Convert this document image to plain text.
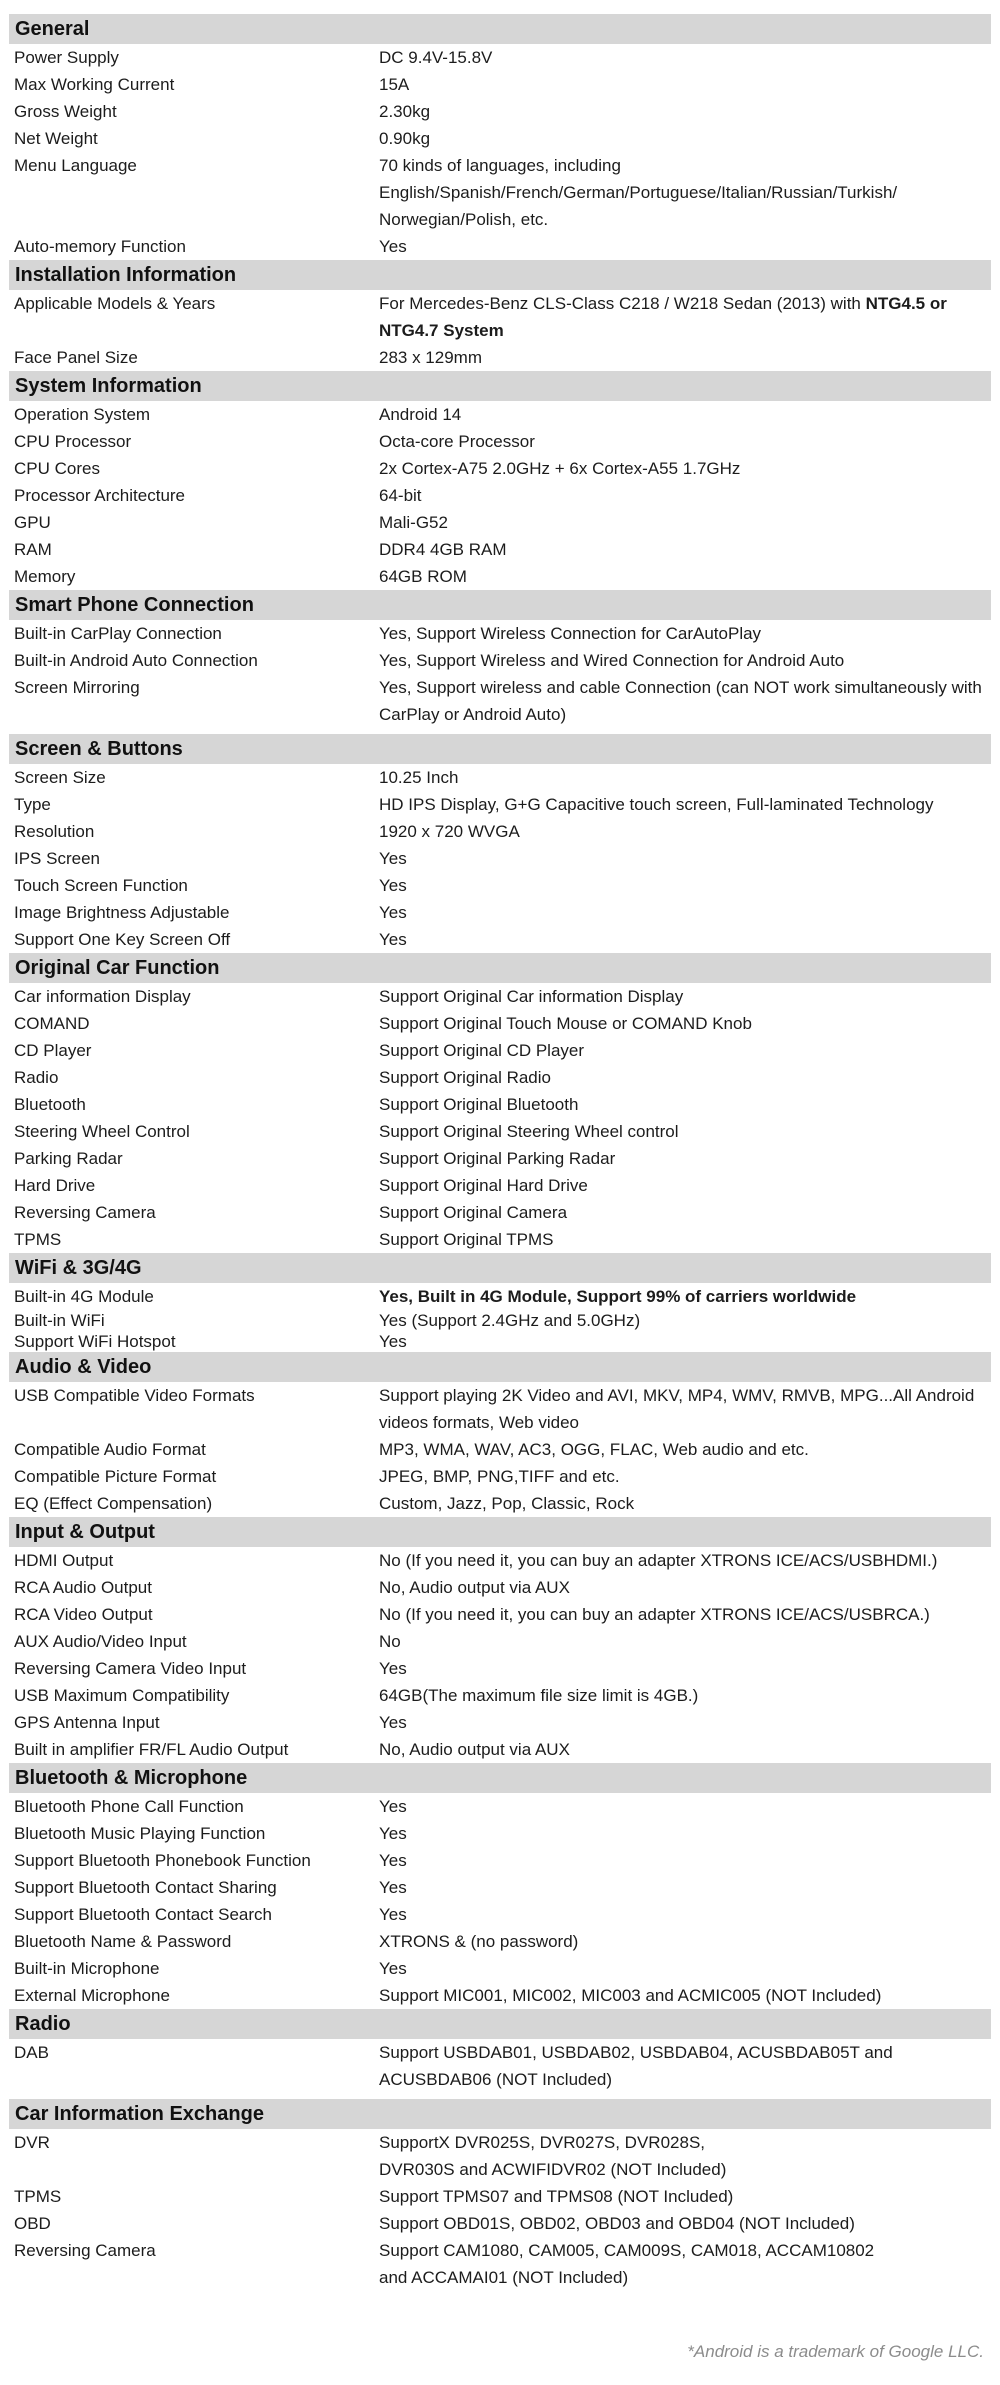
General
Power Supply	DC 9.4V-15.8V
Max Working Current	15A
Gross Weight	2.30kg
Net Weight	0.90kg
Menu Language	70 kinds of languages, including English/Spanish/French/German/Portuguese/Italian/Russian/Turkish/ Norwegian/Polish, etc.
Auto-memory Function	Yes
Installation Information
Applicable Models & Years	For Mercedes-Benz CLS-Class C218 / W218 Sedan (2013) with NTG4.5 or NTG4.7 System
Face Panel Size	283 x 129mm
System Information
Operation System	Android 14
CPU Processor	Octa-core Processor
CPU Cores	2x Cortex-A75 2.0GHz + 6x Cortex-A55 1.7GHz
Processor Architecture	64-bit
GPU	Mali-G52
RAM	DDR4 4GB RAM
Memory	64GB ROM
Smart Phone Connection
Built-in CarPlay Connection	Yes, Support Wireless Connection for CarAutoPlay
Built-in Android Auto Connection	Yes, Support Wireless and Wired Connection for Android Auto
Screen Mirroring	Yes, Support wireless and cable Connection (can NOT work simultaneously with CarPlay or Android Auto)
Screen & Buttons
Screen Size	10.25 Inch
Type	HD IPS Display, G+G Capacitive touch screen, Full-laminated Technology
Resolution	1920 x 720 WVGA
IPS Screen	Yes
Touch Screen Function	Yes
Image Brightness Adjustable	Yes
Support One Key Screen Off	Yes
Original Car Function
Car information Display	Support Original Car information Display
COMAND	Support Original Touch Mouse or COMAND Knob
CD Player	Support Original CD Player
Radio	Support Original Radio
Bluetooth	Support Original Bluetooth
Steering Wheel Control	Support Original Steering Wheel control
Parking Radar	Support Original Parking Radar
Hard Drive	Support Original Hard Drive
Reversing Camera	Support Original Camera
TPMS	Support Original TPMS
WiFi & 3G/4G
Built-in 4G Module	Yes, Built in 4G Module, Support 99% of carriers worldwide
Built-in WiFi	Yes (Support 2.4GHz and 5.0GHz)
Support WiFi Hotspot	Yes
Audio & Video
USB Compatible Video Formats	Support playing 2K Video and AVI, MKV, MP4, WMV, RMVB, MPG...All Android videos formats, Web video
Compatible Audio Format	MP3, WMA, WAV, AC3, OGG, FLAC, Web audio and etc.
Compatible Picture Format	JPEG, BMP, PNG,TIFF and etc.
EQ (Effect Compensation)	Custom, Jazz, Pop, Classic, Rock
Input & Output
HDMI Output	No (If you need it, you can buy an adapter XTRONS ICE/ACS/USBHDMI.)
RCA Audio Output	No, Audio output via AUX
RCA Video Output	No (If you need it, you can buy an adapter XTRONS ICE/ACS/USBRCA.)
AUX Audio/Video Input	No
Reversing Camera Video Input	Yes
USB Maximum Compatibility	64GB(The maximum file size limit is 4GB.)
GPS Antenna Input	Yes
Built in amplifier FR/FL Audio Output	No, Audio output via AUX
Bluetooth & Microphone
Bluetooth Phone Call Function	Yes
Bluetooth Music Playing Function	Yes
Support Bluetooth Phonebook Function	Yes
Support Bluetooth Contact Sharing	Yes
Support Bluetooth Contact Search	Yes
Bluetooth Name & Password	XTRONS & (no password)
Built-in Microphone	Yes
External Microphone	Support MIC001, MIC002, MIC003 and ACMIC005 (NOT Included)
Radio
DAB	Support USBDAB01, USBDAB02, USBDAB04, ACUSBDAB05T and ACUSBDAB06 (NOT Included)
Car Information Exchange
DVR	SupportX DVR025S, DVR027S, DVR028S,
DVR030S and ACWIFIDVR02 (NOT Included)
TPMS	Support TPMS07 and TPMS08 (NOT Included)
OBD	Support OBD01S, OBD02, OBD03 and OBD04 (NOT Included)
Reversing Camera	Support CAM1080, CAM005, CAM009S, CAM018, ACCAM10802
and ACCAMAI01 (NOT Included)
*Android is a trademark of Google LLC.
